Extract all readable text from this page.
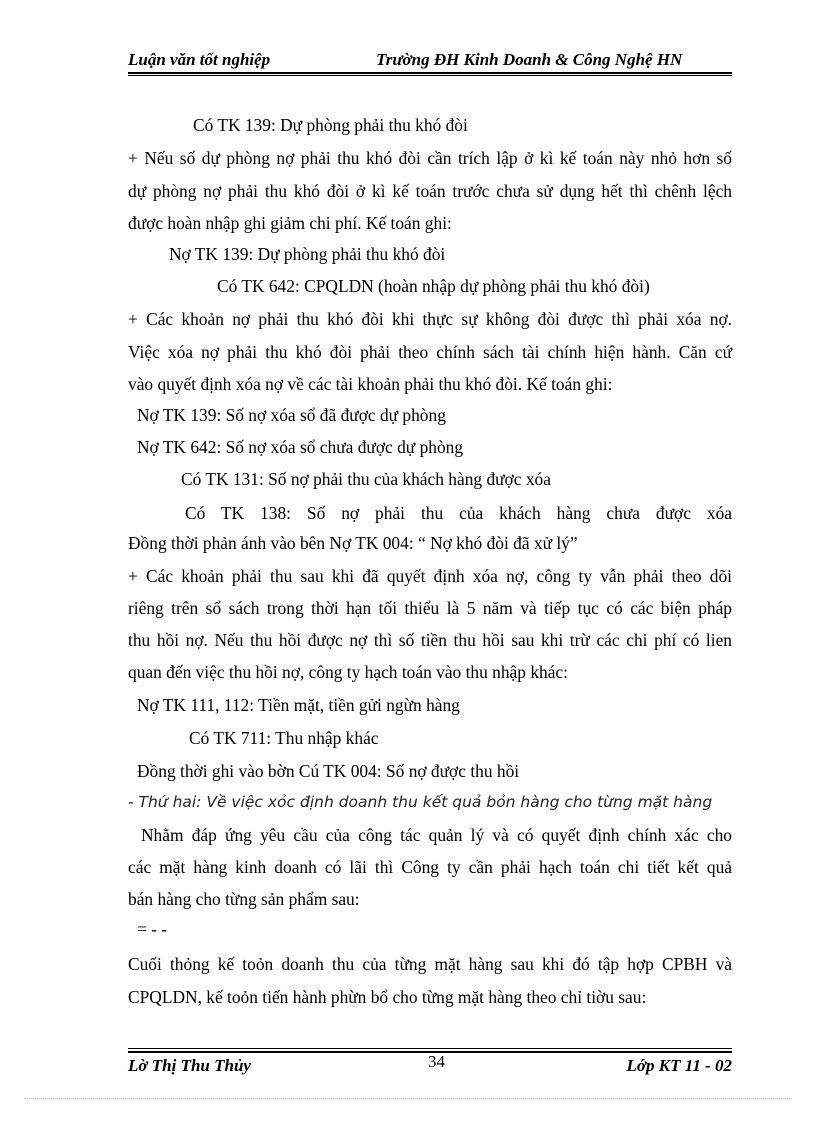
Luận văn tốt nghiệp	Trường ĐH Kinh Doanh & Công Nghệ HN
Có TK 139: Dự phòng phải thu khó đòi
+ Nếu số dự phòng nợ phải thu khó đòi cần trích lập ở kì kế toán này nhỏ hơn số
dự phòng nợ phải thu khó đòi ở kì kế toán trước chưa sử dụng hết thì chênh lệch
được hoàn nhập ghi giảm chi phí. Kế toán ghi:
Nợ TK 139: Dự phòng phải thu khó đòi
Có TK 642: CPQLDN (hoàn nhập dự phòng phải thu khó đòi)
+ Các khoản nợ phải thu khó đòi khi thực sự không đòi được thì phải xóa nợ.
Việc xóa nợ phải thu khó đòi phải theo chính sách tài chính hiện hành. Căn cứ
vào quyết định xóa nợ về các tài khoản phải thu khó đòi. Kế toán ghi:
Nợ TK 139: Số nợ xóa sổ đã được dự phòng
Nợ TK 642: Số nợ xóa sổ chưa được dự phòng
Có TK 131: Số nợ phải thu của khách hàng được xóa
Có TK 138: Số nợ phải thu của khách hàng chưa được xóa
Đồng thời phản ánh vào bên Nợ TK 004: “ Nợ khó đòi đã xử lý”
+ Các khoản phải thu sau khi đã quyết định xóa nợ, công ty vẫn phải theo dõi
riêng trên sổ sách trong thời hạn tối thiểu là 5 năm và tiếp tục có các biện pháp
thu hồi nợ. Nếu thu hồi được nợ thì số tiền thu hồi sau khi trừ các chi phí có lien
quan đến việc thu hồi nợ, công ty hạch toán vào thu nhập khác:
Nợ TK 111, 112: Tiền mặt, tiền gửi ngừn hàng
Có TK 711: Thu nhập khác
Đồng thời ghi vào bờn Cú TK 004: Số nợ được thu hồi
- Thứ hai: Về việc xỏc định doanh thu kết quả bỏn hàng cho từng mặt hàng
Nhằm đáp ứng yêu cầu của công tác quản lý và có quyết định chính xác cho
các mặt hàng kinh doanh có lãi thì Công ty cần phải hạch toán chi tiết kết quả
bán hàng cho từng sản phẩm sau:
= - -
Cuối thỏng kế toỏn doanh thu của từng mặt hàng sau khi đó tập hợp CPBH và
CPQLDN, kế toỏn tiến hành phừn bổ cho từng mặt hàng theo chỉ tiờu sau:
Lờ Thị Thu Thủy	34	Lớp KT 11 - 02
